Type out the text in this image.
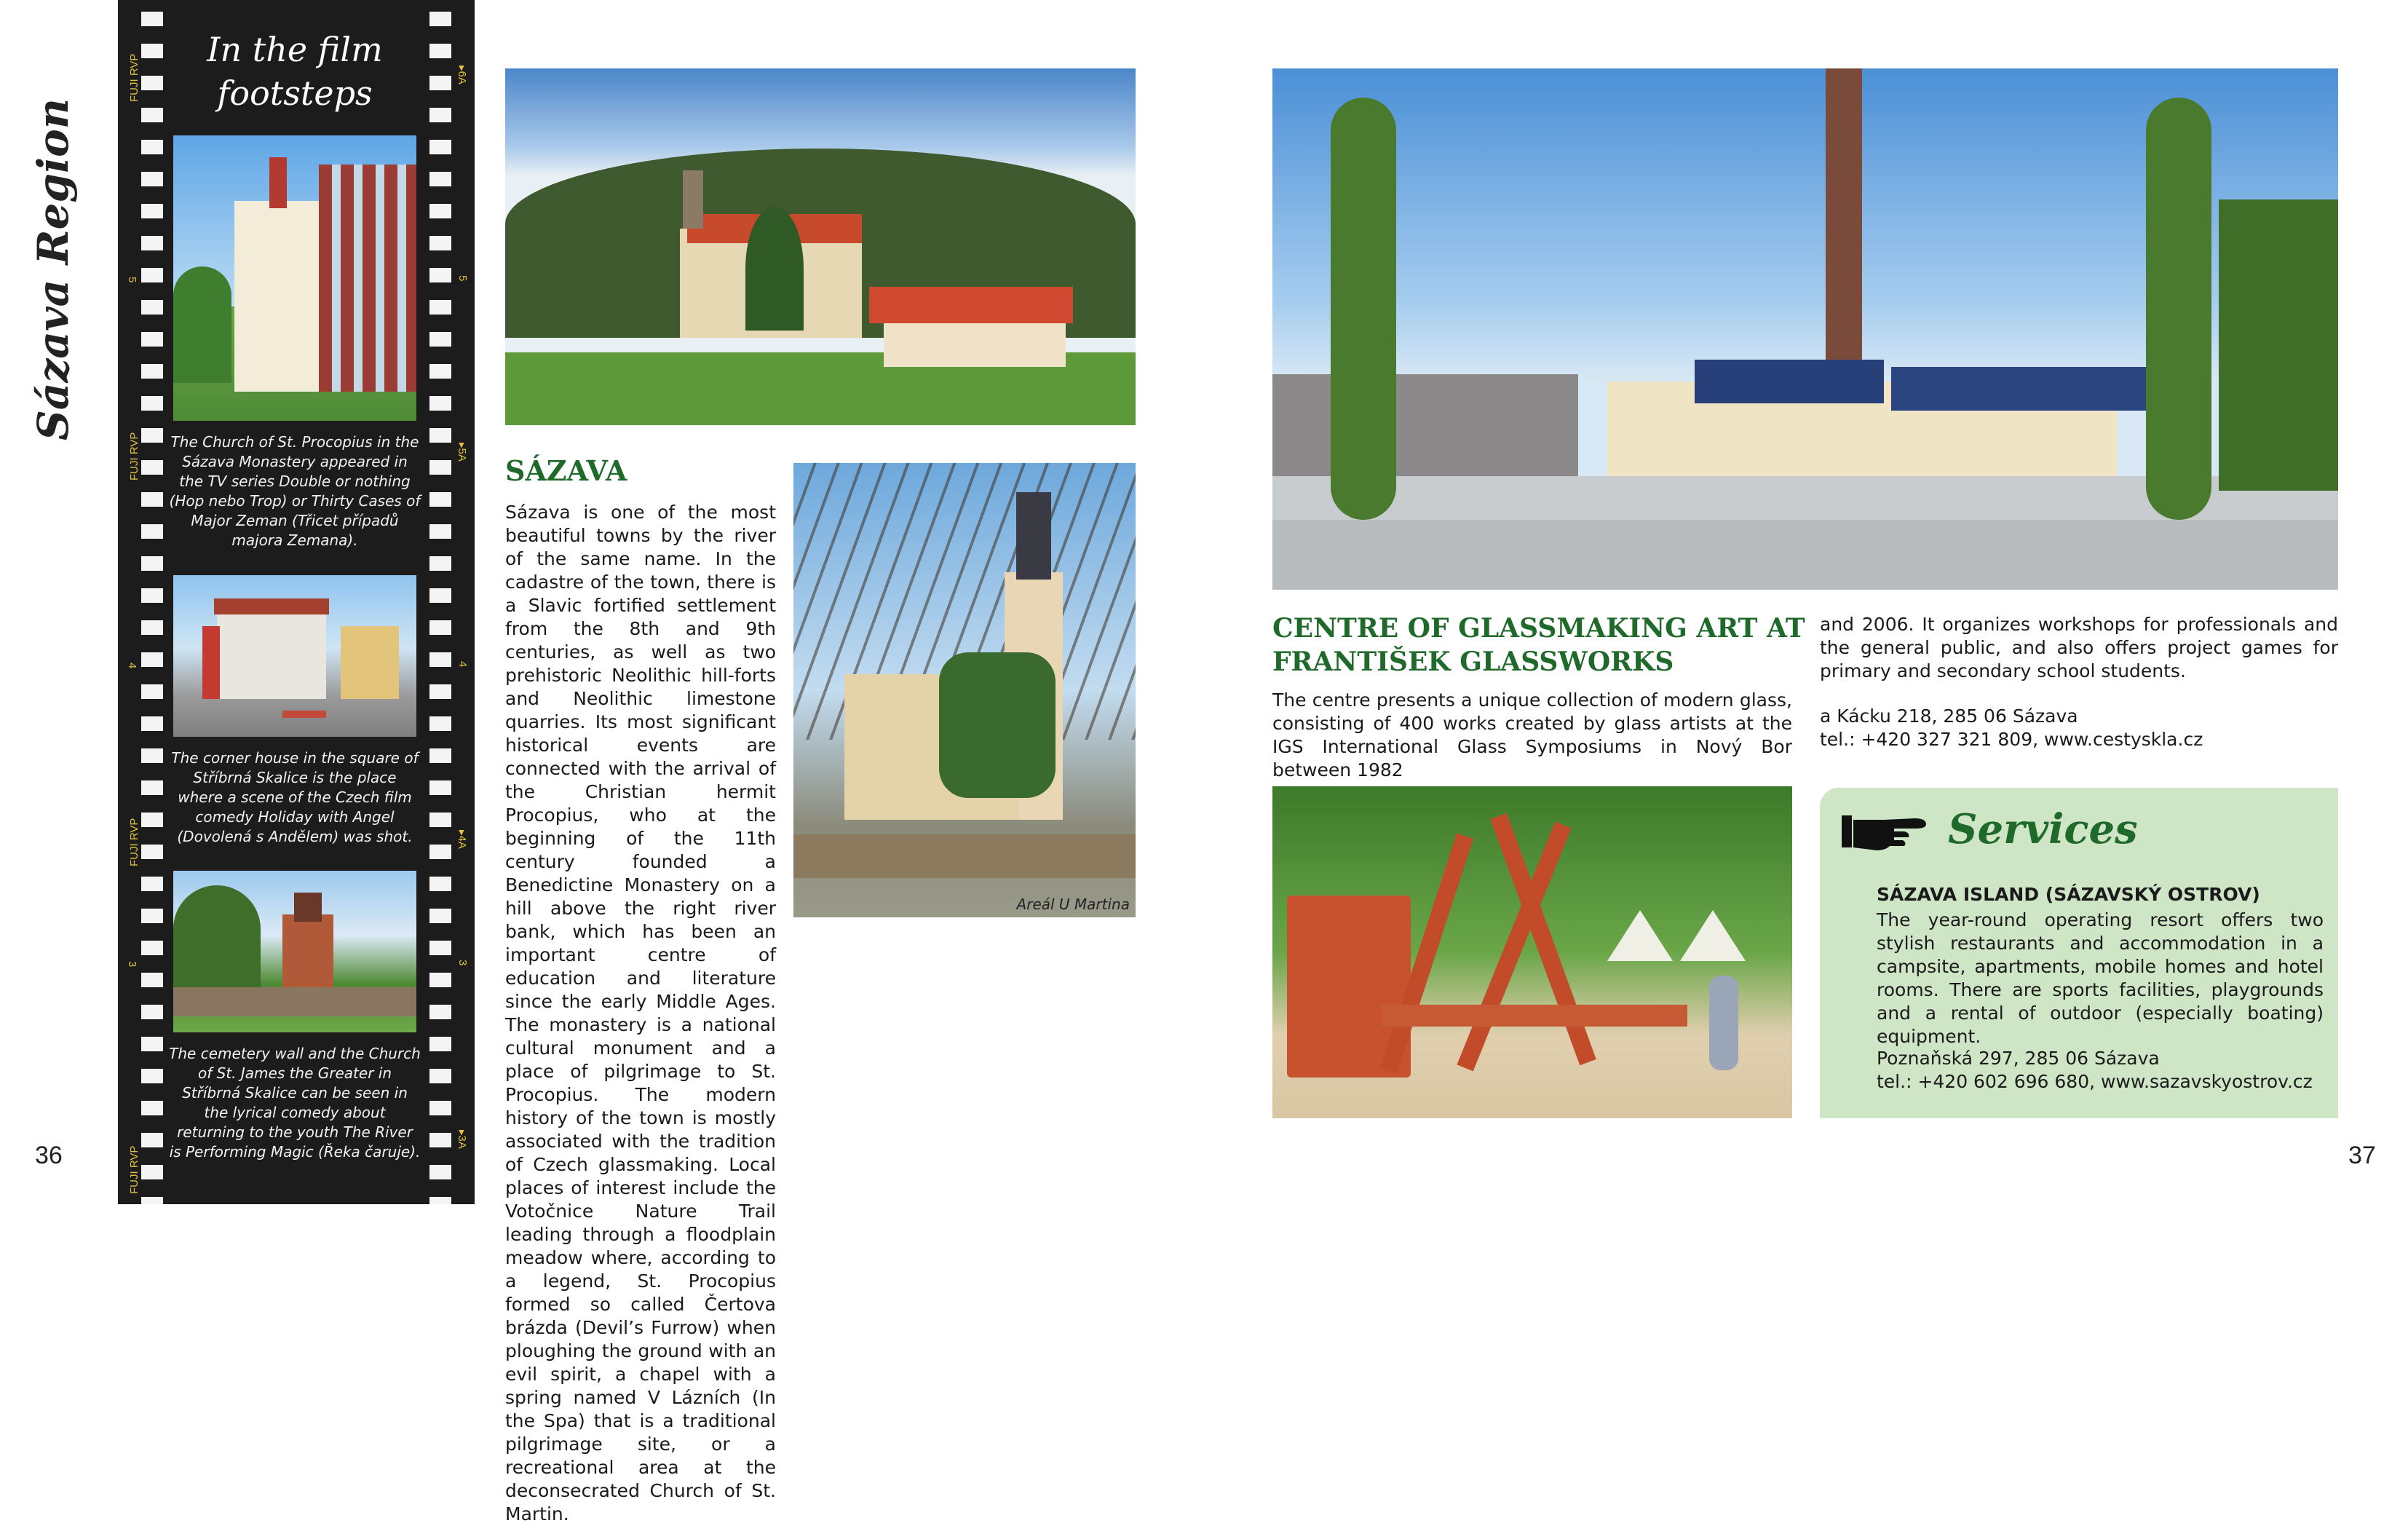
Sázava Region
36	37
FUJI RVP
FUJI RVP
FUJI RVP
FUJI RVP
5
4
3
▸6A
5
▸5A
4
▸4A
3
▸3A
In the film footsteps
The Church of St. Procopius in the Sázava Monastery appeared in the TV series Double or nothing (Hop nebo Trop) or Thirty Cases of Major Zeman (Třicet případů majora Zemana).
The corner house in the square of Stříbrná Skalice is the place where a scene of the Czech film comedy Holiday with Angel (Dovolená s Andělem) was shot.
The cemetery wall and the Church of St. James the Greater in Stříbrná Skalice can be seen in the lyrical comedy about returning to the youth The River is Performing Magic (Řeka čaruje).
SÁZAVA
Areál U Martina
Sázava is one of the most beautiful towns by the river of the same name. In the cadastre of the town, there is a Slavic fortified settlement from the 8th and 9th centuries, as well as two prehistoric Neolithic hill-forts and Neolithic limestone quarries. Its most significant historical events are connected with the arrival of the Christian hermit Procopius, who at the beginning of the 11th century founded a Benedictine Monastery on a hill above the right river bank, which has been an important centre of education and literature since the early Middle Ages. The monastery is a national cultural monument and a place of pilgrimage to St. Procopius. The modern history of the town is mostly associated with the tradition of Czech glassmaking. Local places of interest include the Votočnice Nature Trail leading through a floodplain meadow where, according to a legend, St. Procopius formed so called Čertova brázda (Devil’s Furrow) when ploughing the ground with an evil spirit, a chapel with a spring named V Lázních (In the Spa) that is a traditional pilgrimage site, or a recreational area at the deconsecrated Church of St. Martin.
CENTRE OF GLASSMAKING ART AT
FRANTIŠEK GLASSWORKS
The centre presents a unique collection of modern glass, consisting of 400 works created by glass artists at the IGS International Glass Symposiums in Nový Bor between 1982
and 2006. It organizes workshops for professionals and the general public, and also offers project games for primary and secondary school students.
a Kácku 218, 285 06 Sázava
tel.: +420 327 321 809, www.cestyskla.cz
Services
SÁZAVA ISLAND (SÁZAVSKÝ OSTROV)
The year-round operating resort offers two stylish restaurants and accommodation in a campsite, apartments, mobile homes and hotel rooms. There are sports facilities, playgrounds and a rental of outdoor (especially boating) equipment.
Poznaňská 297, 285 06 Sázava
tel.: +420 602 696 680, www.sazavskyostrov.cz
